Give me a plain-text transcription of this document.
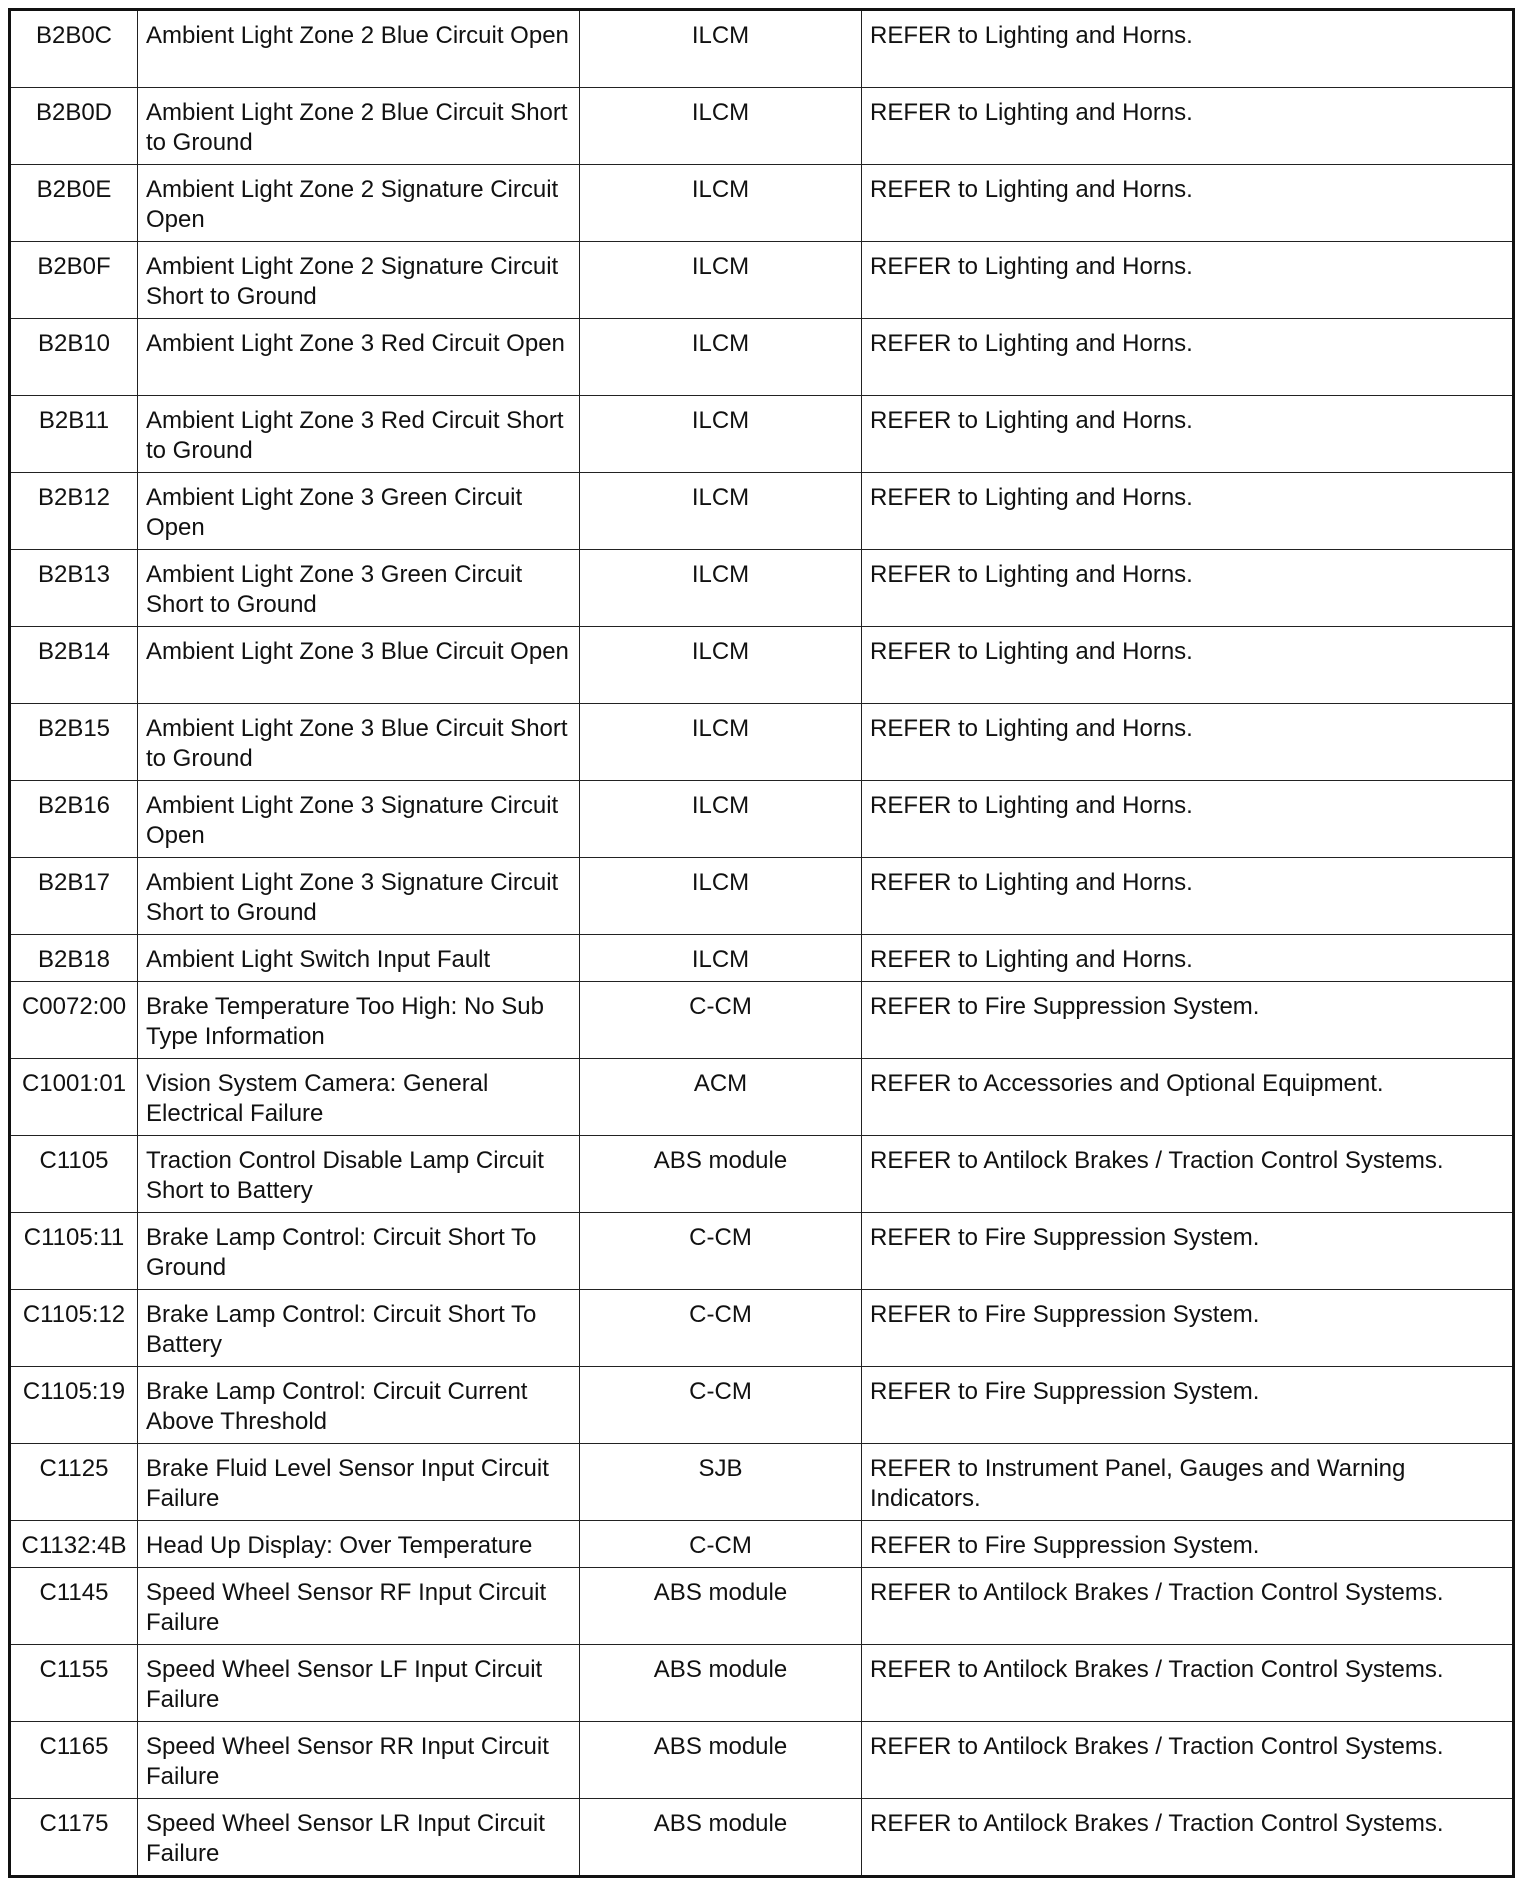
B2B0C	Ambient Light Zone 2 Blue Circuit Open	ILCM	REFER to Lighting and Horns.
B2B0D	Ambient Light Zone 2 Blue Circuit Short to Ground	ILCM	REFER to Lighting and Horns.
B2B0E	Ambient Light Zone 2 Signature Circuit Open	ILCM	REFER to Lighting and Horns.
B2B0F	Ambient Light Zone 2 Signature Circuit Short to Ground	ILCM	REFER to Lighting and Horns.
B2B10	Ambient Light Zone 3 Red Circuit Open	ILCM	REFER to Lighting and Horns.
B2B11	Ambient Light Zone 3 Red Circuit Short to Ground	ILCM	REFER to Lighting and Horns.
B2B12	Ambient Light Zone 3 Green Circuit Open	ILCM	REFER to Lighting and Horns.
B2B13	Ambient Light Zone 3 Green Circuit Short to Ground	ILCM	REFER to Lighting and Horns.
B2B14	Ambient Light Zone 3 Blue Circuit Open	ILCM	REFER to Lighting and Horns.
B2B15	Ambient Light Zone 3 Blue Circuit Short to Ground	ILCM	REFER to Lighting and Horns.
B2B16	Ambient Light Zone 3 Signature Circuit Open	ILCM	REFER to Lighting and Horns.
B2B17	Ambient Light Zone 3 Signature Circuit Short to Ground	ILCM	REFER to Lighting and Horns.
B2B18	Ambient Light Switch Input Fault	ILCM	REFER to Lighting and Horns.
C0072:00	Brake Temperature Too High: No Sub Type Information	C-CM	REFER to Fire Suppression System.
C1001:01	Vision System Camera: General Electrical Failure	ACM	REFER to Accessories and Optional Equipment.
C1105	Traction Control Disable Lamp Circuit Short to Battery	ABS module	REFER to Antilock Brakes / Traction Control Systems.
C1105:11	Brake Lamp Control: Circuit Short To Ground	C-CM	REFER to Fire Suppression System.
C1105:12	Brake Lamp Control: Circuit Short To Battery	C-CM	REFER to Fire Suppression System.
C1105:19	Brake Lamp Control: Circuit Current Above Threshold	C-CM	REFER to Fire Suppression System.
C1125	Brake Fluid Level Sensor Input Circuit Failure	SJB	REFER to Instrument Panel, Gauges and Warning Indicators.
C1132:4B	Head Up Display: Over Temperature	C-CM	REFER to Fire Suppression System.
C1145	Speed Wheel Sensor RF Input Circuit Failure	ABS module	REFER to Antilock Brakes / Traction Control Systems.
C1155	Speed Wheel Sensor LF Input Circuit Failure	ABS module	REFER to Antilock Brakes / Traction Control Systems.
C1165	Speed Wheel Sensor RR Input Circuit Failure	ABS module	REFER to Antilock Brakes / Traction Control Systems.
C1175	Speed Wheel Sensor LR Input Circuit Failure	ABS module	REFER to Antilock Brakes / Traction Control Systems.
